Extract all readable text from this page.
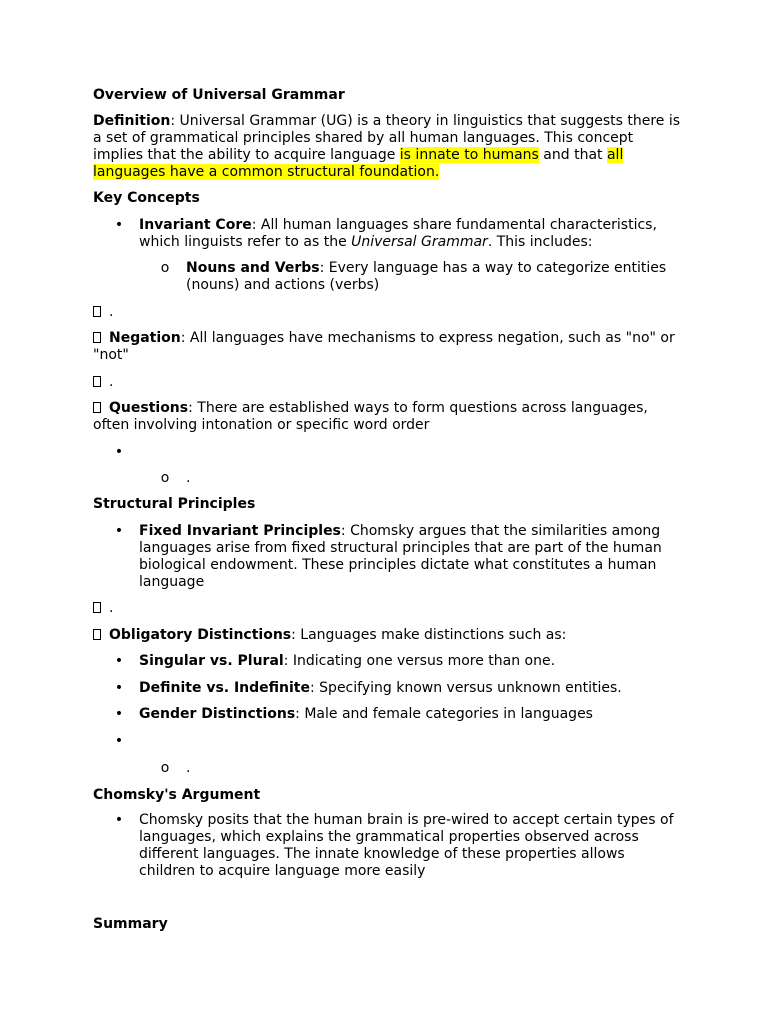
Overview of Universal Grammar

Definition: Universal Grammar (UG) is a theory in linguistics that suggests there is a set of grammatical principles shared by all human languages. This concept implies that the ability to acquire language is innate to humans and that all languages have a common structural foundation.

Key Concepts

• Invariant Core: All human languages share fundamental characteristics, which linguists refer to as the Universal Grammar. This includes:

o Nouns and Verbs: Every language has a way to categorize entities (nouns) and actions (verbs)

.

Negation: All languages have mechanisms to express negation, such as "no" or "not"

.

Questions: There are established ways to form questions across languages, often involving intonation or specific word order

•
o .

Structural Principles

• Fixed Invariant Principles: Chomsky argues that the similarities among languages arise from fixed structural principles that are part of the human biological endowment. These principles dictate what constitutes a human language

.

Obligatory Distinctions: Languages make distinctions such as:

• Singular vs. Plural: Indicating one versus more than one.

• Definite vs. Indefinite: Specifying known versus unknown entities.

• Gender Distinctions: Male and female categories in languages

•
o .

Chomsky's Argument

• Chomsky posits that the human brain is pre-wired to accept certain types of languages, which explains the grammatical properties observed across different languages. The innate knowledge of these properties allows children to acquire language more easily

Summary
